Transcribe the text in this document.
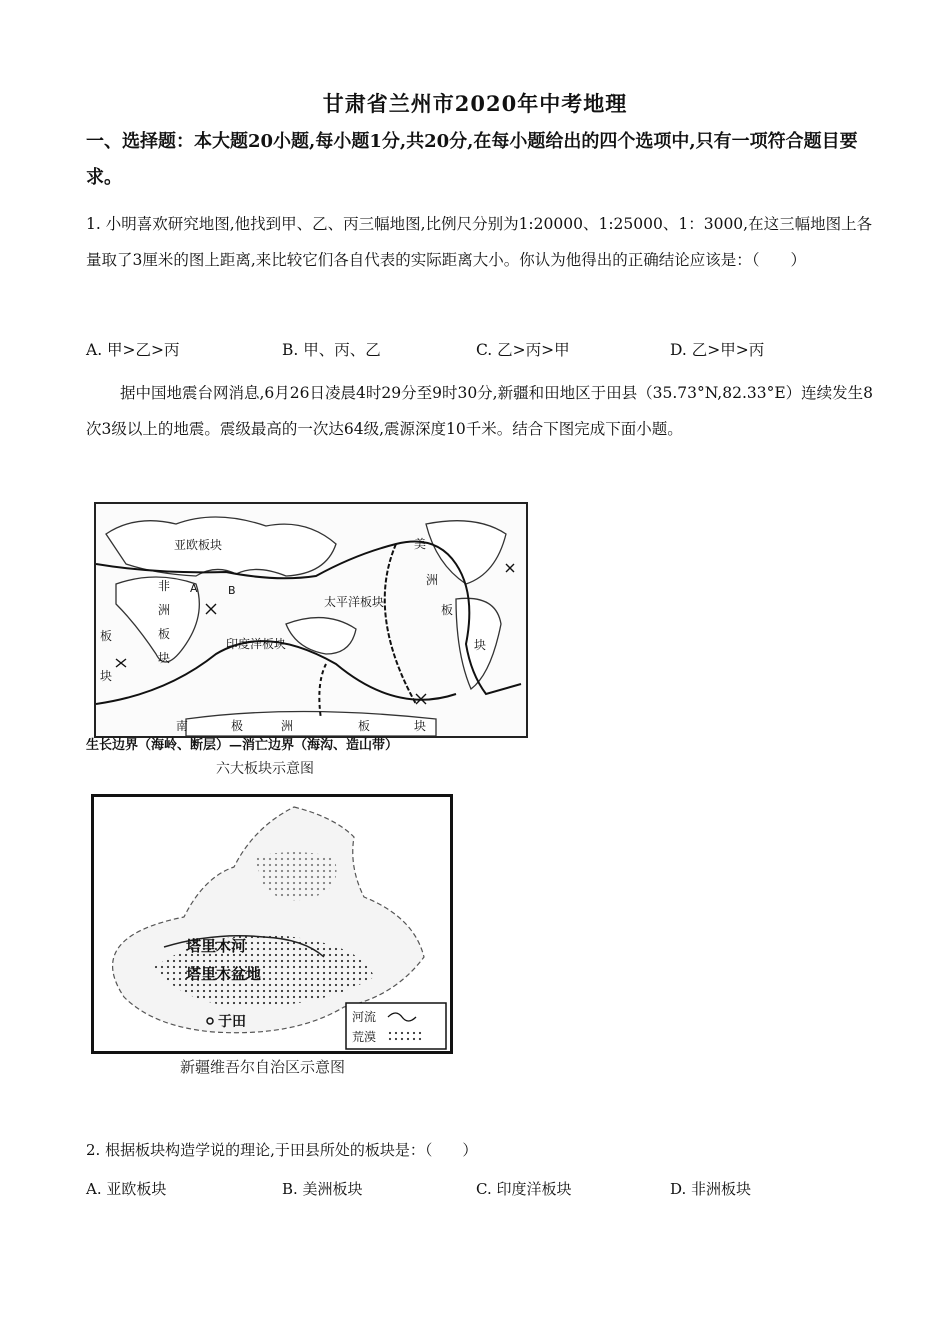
甘肃省兰州市2020年中考地理
一、选择题：本大题20小题,每小题1分,共20分,在每小题给出的四个选项中,只有一项符合题目要求。
1. 小明喜欢研究地图,他找到甲、乙、丙三幅地图,比例尺分别为1:20000、1:25000、1：3000,在这三幅地图上各量取了3厘米的图上距离,来比较它们各自代表的实际距离大小。你认为他得出的正确结论应该是：（　　）
A. 甲>乙>丙	B. 甲、丙、乙	C. 乙>丙>甲	D. 乙>甲>丙
据中国地震台网消息,6月26日凌晨4时29分至9时30分,新疆和田地区于田县（35.73°N,82.33°E）连续发生8次3级以上的地震。震级最高的一次达64级,震源深度10千米。结合下图完成下面小题。
亚欧板块	美
洲
板
块
非
洲
板
块
太平洋板块
印度洋板块
南	极	洲	板	块
板
块
A	B
生长边界（海岭、断层）—消亡边界（海沟、造山带）
六大板块示意图
塔里木河
塔里木盆地
于田	河流
荒漠
新疆维吾尔自治区示意图
2. 根据板块构造学说的理论,于田县所处的板块是：（　　）
A. 亚欧板块	B. 美洲板块	C. 印度洋板块	D. 非洲板块
